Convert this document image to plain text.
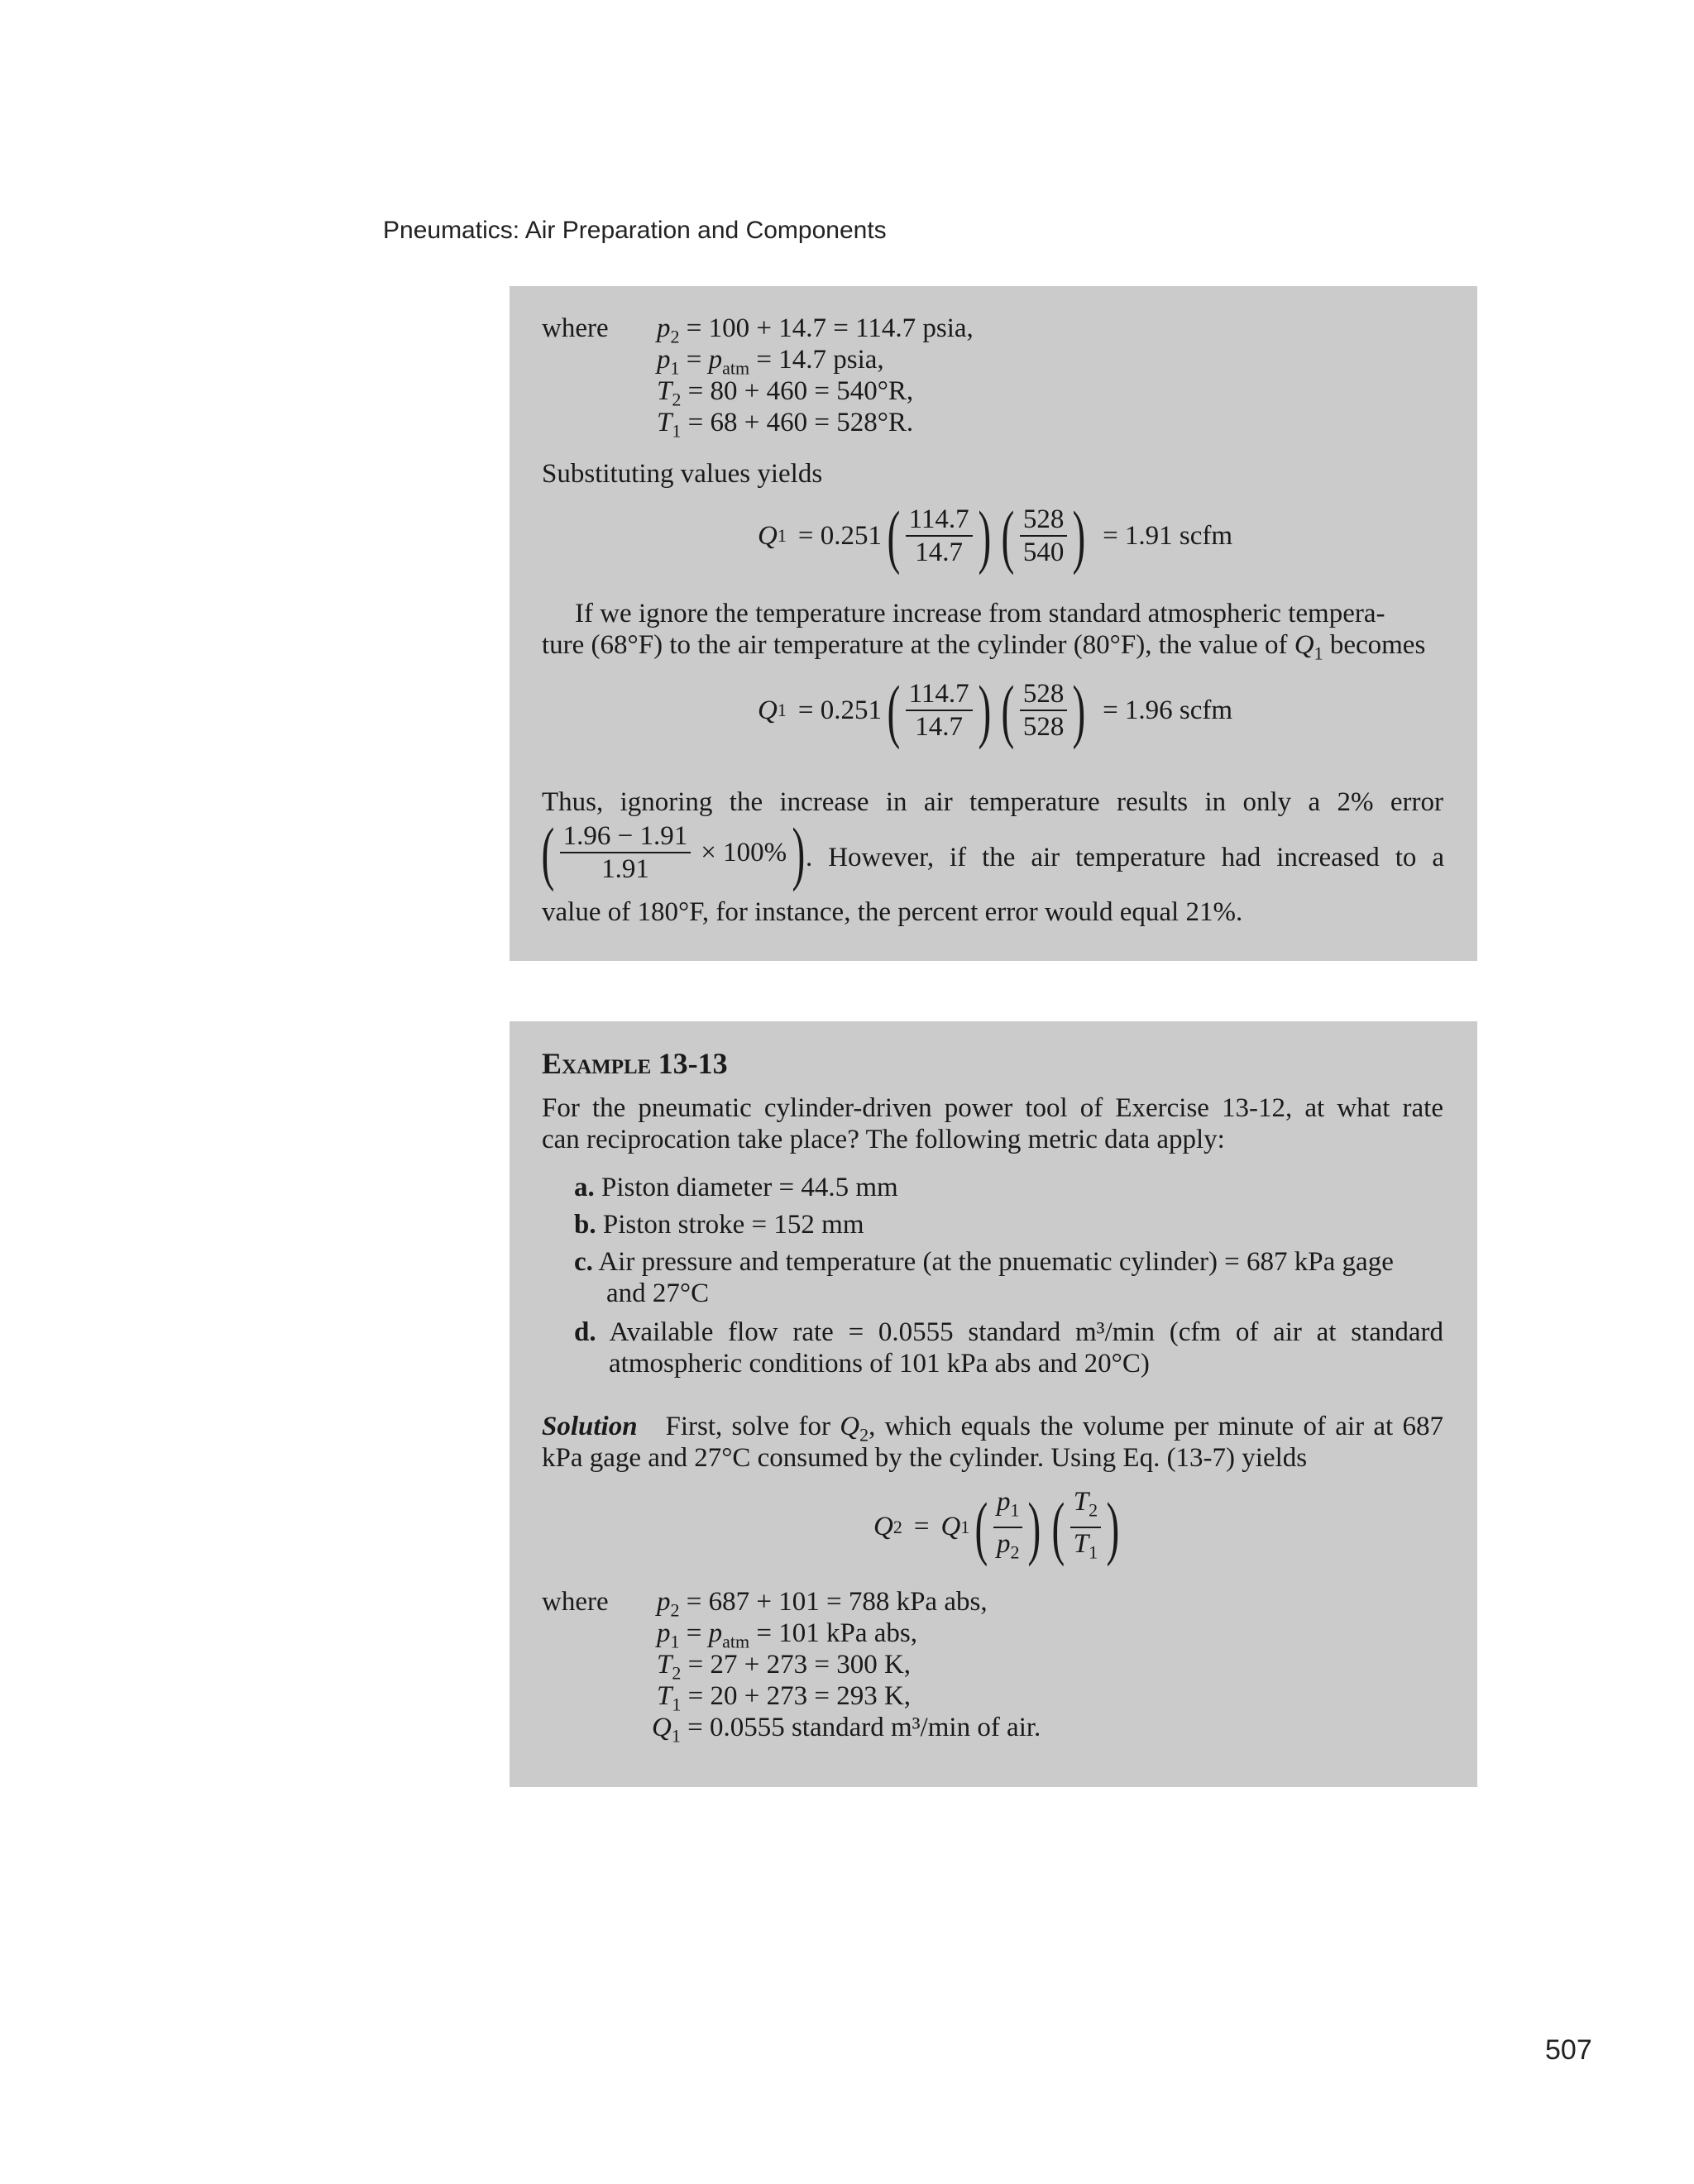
Pneumatics: Air Preparation and Components
where $p_2 = 100 + 14.7 = 114.7$ psia,
$p_1 = p_{atm} = 14.7$ psia,
$T_2 = 80 + 460 = 540^\circ R$,
$T_1 = 68 + 460 = 528^\circ R$.
Substituting values yields
Q 1 = 0.251 ( $\frac{114.7}{14.7}$ ) ( $\frac{528}{540}$ ) = 1.91 scfm
If we ignore the temperature increase from standard atmospheric tempera-
ture (68°F) to the air temperature at the cylinder (80°F), the value of $Q_1$ becomes
Q 1 = 0.251 ( $\frac{114.7}{14.7}$ ) ( $\frac{528}{528}$ ) = 1.96 scfm
Thus, ignoring the increase in air temperature results in only a 2% error
( $\frac{1.96 - 1.91}{1.91} \times 100\%$ ) . However, if the air temperature had increased to a
value of 180°F, for instance, the percent error would equal 21%.
Example 13-13
For the pneumatic cylinder-driven power tool of Exercise 13-12, at what rate
can reciprocation take place? The following metric data apply:
a. Piston diameter = 44.5 mm
b. Piston stroke = 152 mm
c. Air pressure and temperature (at the pnuematic cylinder) = 687 kPa gage
and 27°C
d. Available flow rate = 0.0555 standard m³/min (cfm of air at standard
atmospheric conditions of 101 kPa abs and 20°C)
Solution First, solve for $Q_2$, which equals the volume per minute of air at 687
kPa gage and 27°C consumed by the cylinder. Using Eq. (13-7) yields
Q 2 = Q 1 ( $\frac{p_1}{p_2}$ ) ( $\frac{T_2}{T_1}$ )
where $p_2 = 687 + 101 = 788$ kPa abs,
$p_1 = p_{atm} = 101$ kPa abs,
$T_2 = 27 + 273 = 300$ K,
$T_1 = 20 + 273 = 293$ K,
$Q_1 = 0.0555$ standard m³/min of air.
507
